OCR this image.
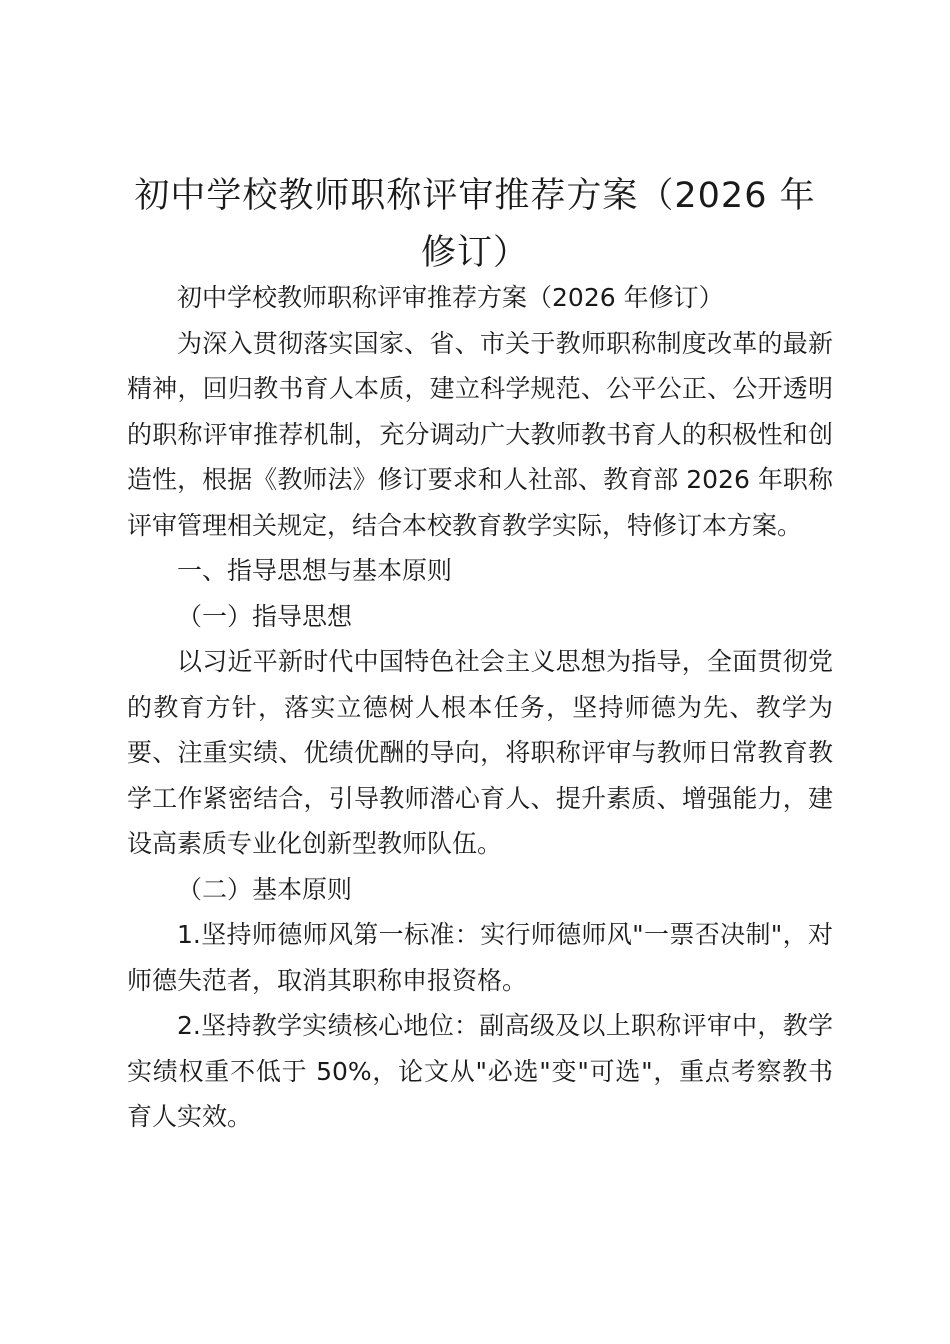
初中学校教师职称评审推荐方案（2026 年修订）

初中学校教师职称评审推荐方案（2026 年修订）

为深入贯彻落实国家、省、市关于教师职称制度改革的最新精神，回归教书育人本质，建立科学规范、公平公正、公开透明的职称评审推荐机制，充分调动广大教师教书育人的积极性和创造性，根据《教师法》修订要求和人社部、教育部 2026 年职称评审管理相关规定，结合本校教育教学实际，特修订本方案。

一、指导思想与基本原则

（一）指导思想

以习近平新时代中国特色社会主义思想为指导，全面贯彻党的教育方针，落实立德树人根本任务，坚持师德为先、教学为要、注重实绩、优绩优酬的导向，将职称评审与教师日常教育教学工作紧密结合，引导教师潜心育人、提升素质、增强能力，建设高素质专业化创新型教师队伍。

（二）基本原则

1.坚持师德师风第一标准：实行师德师风"一票否决制"，对师德失范者，取消其职称申报资格。

2.坚持教学实绩核心地位：副高级及以上职称评审中，教学实绩权重不低于 50%，论文从"必选"变"可选"，重点考察教书育人实效。
